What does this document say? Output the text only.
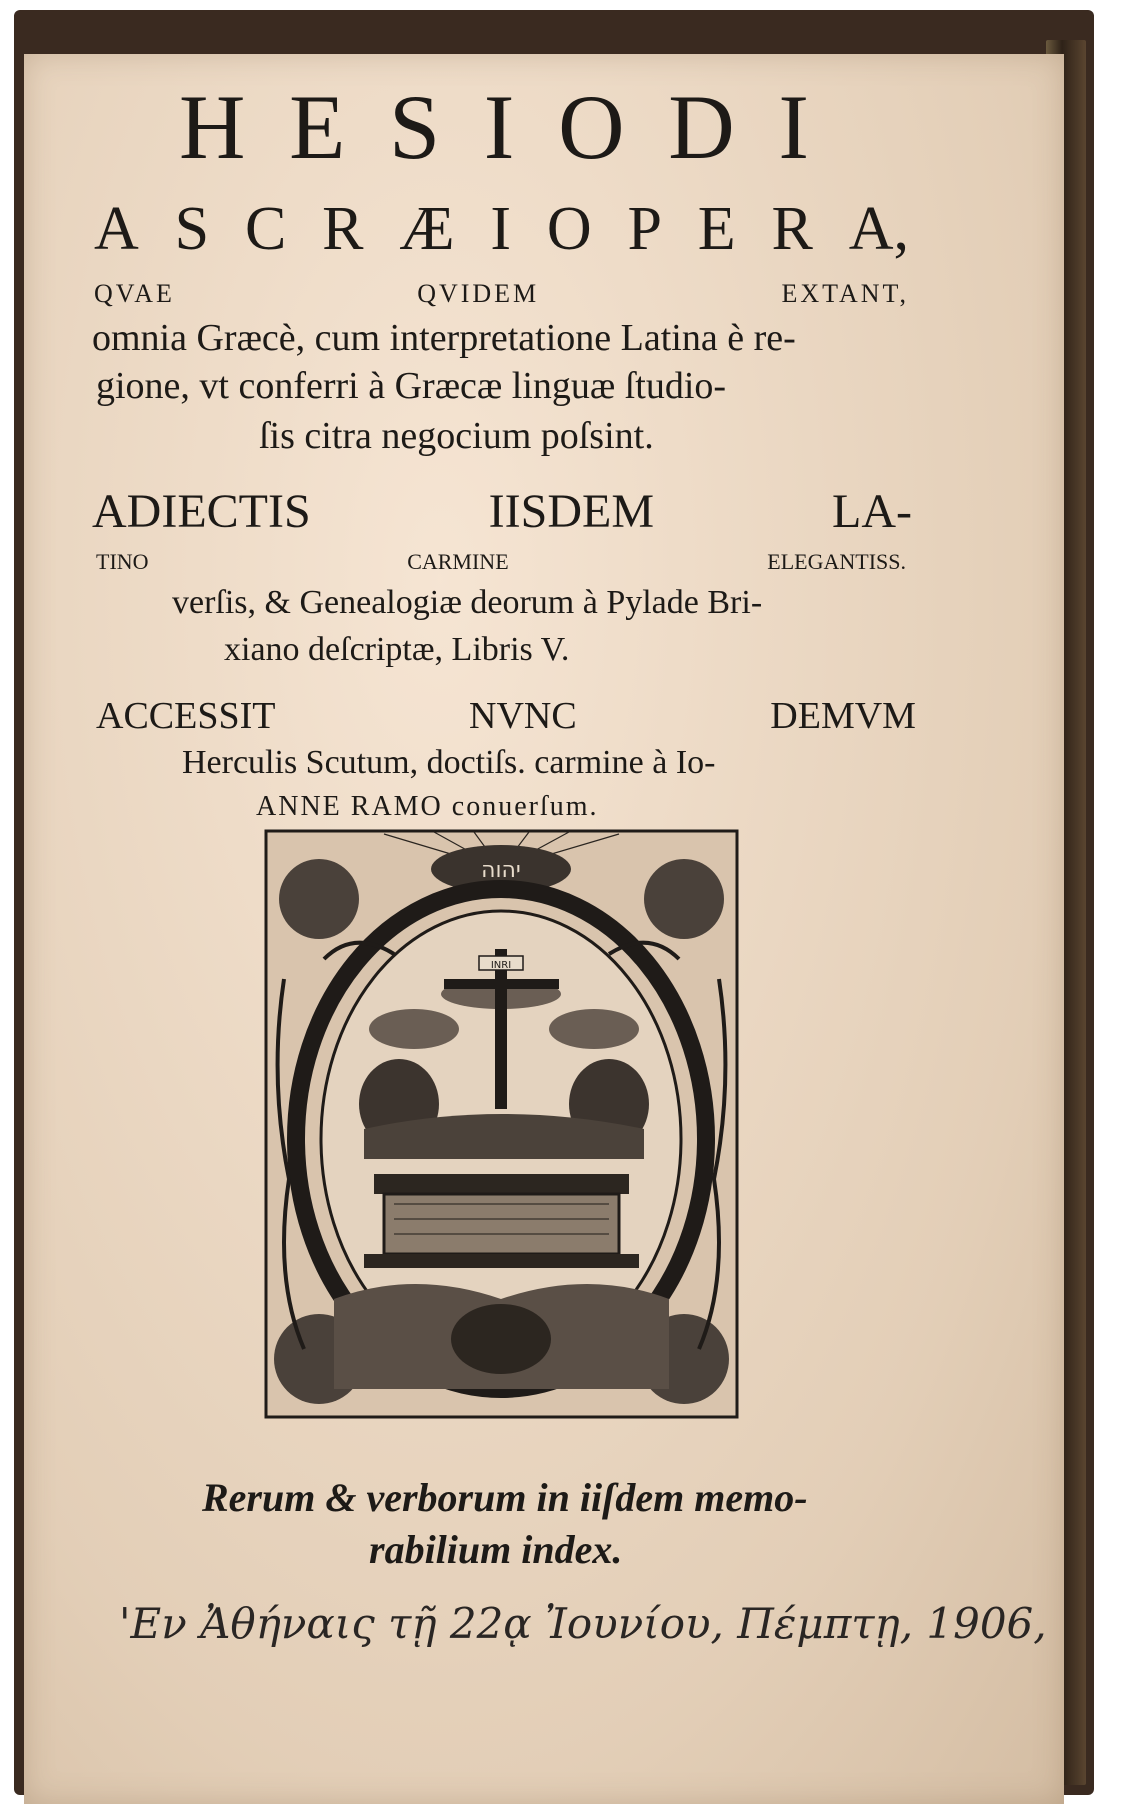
H E S I O D I
A S C R Æ I O P E R A,
QVAE	QVIDEM	EXTANT,
omnia Græcè, cum interpretatione Latina è re-
gione, vt conferri à Græcæ linguæ ſtudio-
ſis citra negocium poſsint.
ADIECTIS	IISDEM	LA-
TINO	CARMINE	ELEGANTISS.
verſis, & Genealogiæ deorum à Pylade Bri-
xiano deſcriptæ, Libris V.
ACCESSIT	NVNC	DEMVM
Herculis Scutum, doctiſs. carmine à Io-
ANNE RAMO conuerſum.
יהוה
INRI
Rerum & verborum in iiſdem memo-
rabilium index.
'Εν Ἀθήναις τῇ 22ᾳ Ἰουνίου, Πέμπτῃ, 1906,
